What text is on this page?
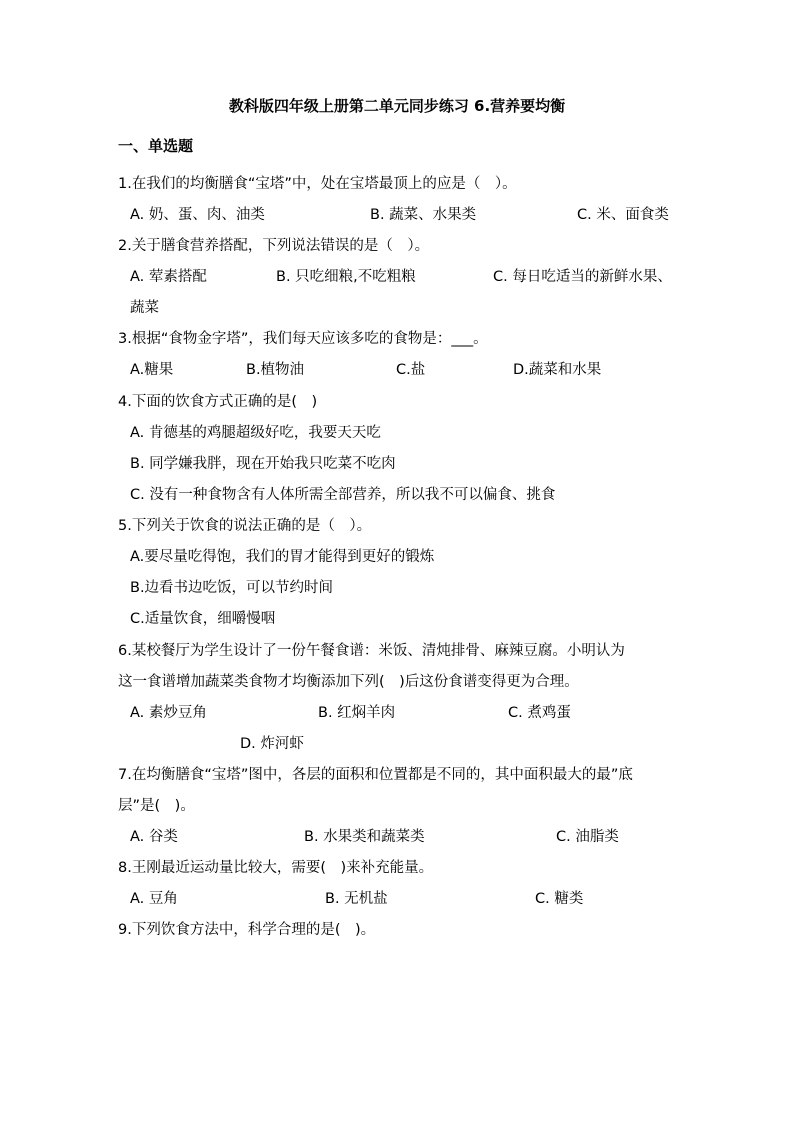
教科版四年级上册第二单元同步练习 6.营养要均衡
一、单选题
1.在我们的均衡膳食“宝塔”中，处在宝塔最顶上的应是（　）。
A. 奶、蛋、肉、油类	B. 蔬菜、水果类	C. 米、面食类
2.关于膳食营养搭配，下列说法错误的是（　）。
A. 荤素搭配	B. 只吃细粮,不吃粗粮	C. 每日吃适当的新鲜水果、
蔬菜
3.根据“食物金字塔”，我们每天应该多吃的食物是：___。
A.糖果	B.植物油	C.盐	D.蔬菜和水果
4.下面的饮食方式正确的是(　)
A. 肯德基的鸡腿超级好吃，我要天天吃
B. 同学嫌我胖，现在开始我只吃菜不吃肉
C. 没有一种食物含有人体所需全部营养，所以我不可以偏食、挑食
5.下列关于饮食的说法正确的是（　）。
A.要尽量吃得饱，我们的胃才能得到更好的锻炼
B.边看书边吃饭，可以节约时间
C.适量饮食，细嚼慢咽
6.某校餐厅为学生设计了一份午餐食谱：米饭、清炖排骨、麻辣豆腐。小明认为
这一食谱增加蔬菜类食物才均衡添加下列(　)后这份食谱变得更为合理。
A. 素炒豆角	B. 红焖羊肉	C. 煮鸡蛋
D. 炸河虾
7.在均衡膳食“宝塔”图中，各层的面积和位置都是不同的，其中面积最大的最”底
层”是(　)。
A. 谷类	B. 水果类和蔬菜类	C. 油脂类
8.王刚最近运动量比较大，需要(　)来补充能量。
A. 豆角	B. 无机盐	C. 糖类
9.下列饮食方法中，科学合理的是(　)。
